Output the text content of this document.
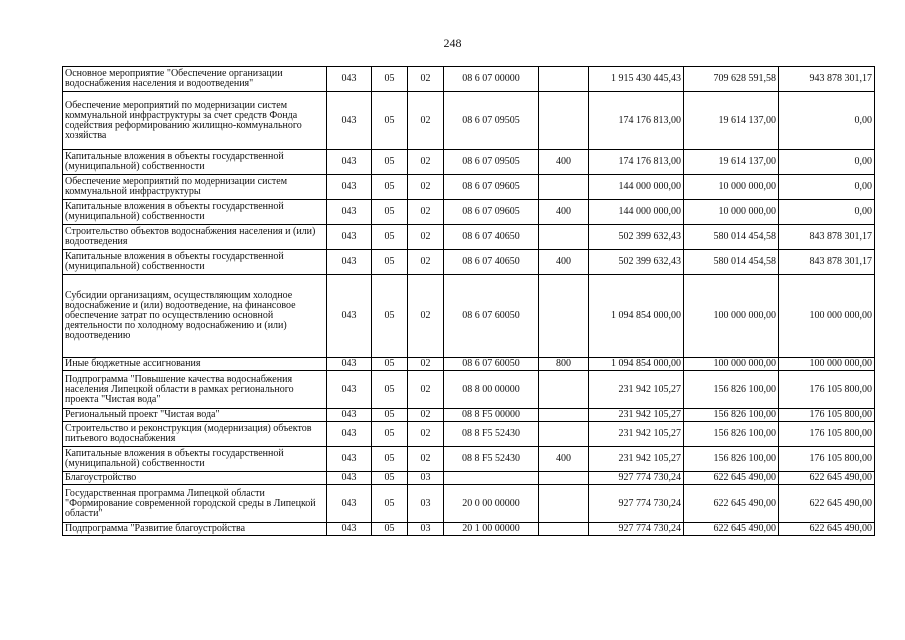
248
Основное мероприятие "Обеспечение организации водоснабжения населения и водоотведения"	043	05	02	08 6 07 00000		1 915 430 445,43	709 628 591,58	943 878 301,17
Обеспечение мероприятий по модернизации систем коммунальной инфраструктуры за счет средств Фонда содействия реформированию жилищно-коммунального хозяйства	043	05	02	08 6 07 09505		174 176 813,00	19 614 137,00	0,00
Капитальные вложения в объекты государственной (муниципальной) собственности	043	05	02	08 6 07 09505	400	174 176 813,00	19 614 137,00	0,00
Обеспечение мероприятий по модернизации систем коммунальной инфраструктуры	043	05	02	08 6 07 09605		144 000 000,00	10 000 000,00	0,00
Капитальные вложения в объекты государственной (муниципальной) собственности	043	05	02	08 6 07 09605	400	144 000 000,00	10 000 000,00	0,00
Строительство объектов водоснабжения населения и (или) водоотведения	043	05	02	08 6 07 40650		502 399 632,43	580 014 454,58	843 878 301,17
Капитальные вложения в объекты государственной (муниципальной) собственности	043	05	02	08 6 07 40650	400	502 399 632,43	580 014 454,58	843 878 301,17
Субсидии организациям, осуществляющим холодное водоснабжение и (или) водоотведение, на финансовое обеспечение затрат по осуществлению основной деятельности по холодному водоснабжению и (или) водоотведению	043	05	02	08 6 07 60050		1 094 854 000,00	100 000 000,00	100 000 000,00
Иные бюджетные ассигнования	043	05	02	08 6 07 60050	800	1 094 854 000,00	100 000 000,00	100 000 000,00
Подпрограмма "Повышение качества водоснабжения населения Липецкой области в рамках регионального проекта "Чистая вода"	043	05	02	08 8 00 00000		231 942 105,27	156 826 100,00	176 105 800,00
Региональный проект "Чистая вода"	043	05	02	08 8 F5 00000		231 942 105,27	156 826 100,00	176 105 800,00
Строительство и реконструкция (модернизация) объектов питьевого водоснабжения	043	05	02	08 8 F5 52430		231 942 105,27	156 826 100,00	176 105 800,00
Капитальные вложения в объекты государственной (муниципальной) собственности	043	05	02	08 8 F5 52430	400	231 942 105,27	156 826 100,00	176 105 800,00
Благоустройство	043	05	03			927 774 730,24	622 645 490,00	622 645 490,00
Государственная программа Липецкой области "Формирование современной городской среды в Липецкой области"	043	05	03	20 0 00 00000		927 774 730,24	622 645 490,00	622 645 490,00
Подпрограмма "Развитие благоустройства	043	05	03	20 1 00 00000		927 774 730,24	622 645 490,00	622 645 490,00
